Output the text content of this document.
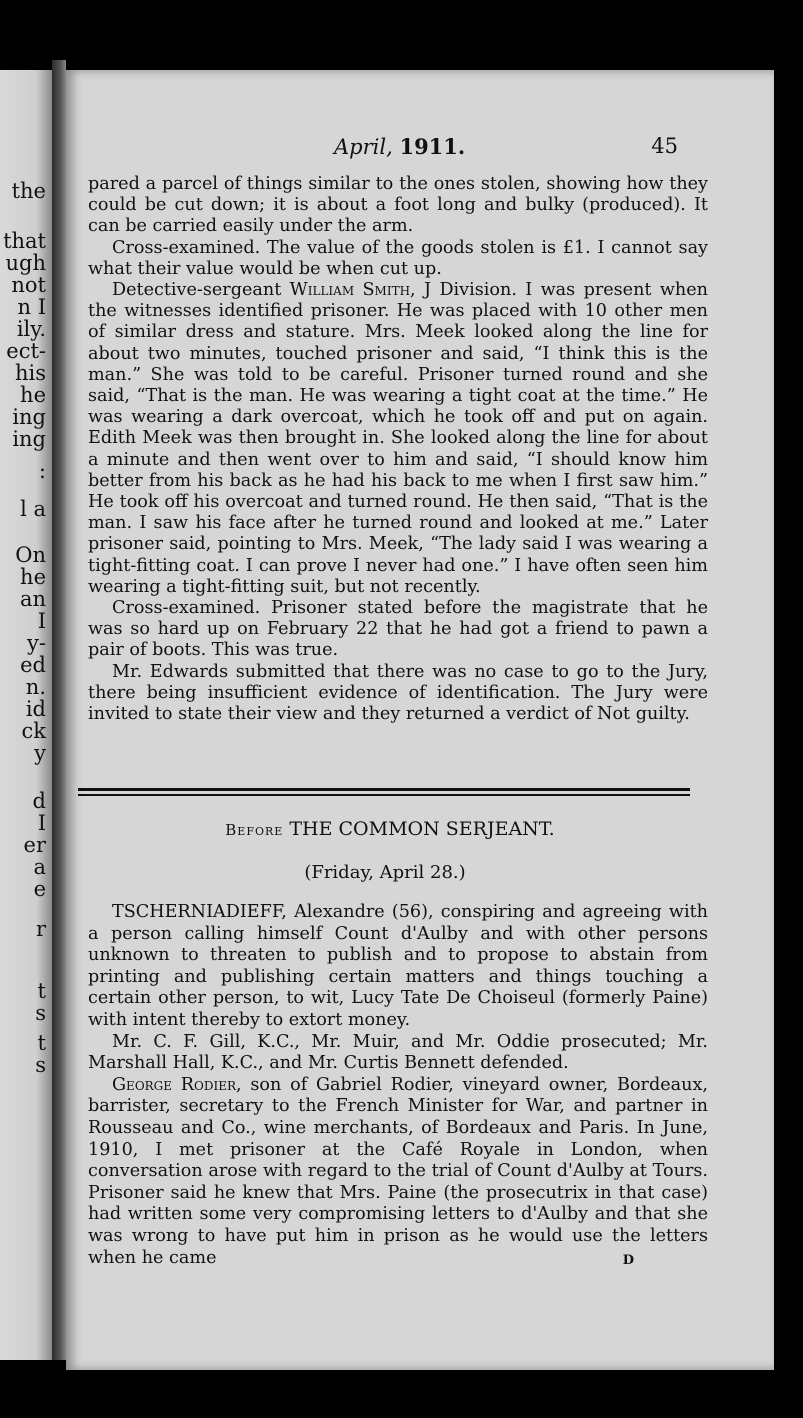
the
that
ugh
not
n I
ily.
ect-
his
he
ing
ing
:
l a
On
he
an
I
y-
ed
n.
id
ck
y
d
I
er
a
e
r
t
s
t
s
April, 1911.	45

pared a parcel of things similar to the ones stolen, showing how they could be cut down; it is about a foot long and bulky (produced). It can be carried easily under the arm.

Cross-examined. The value of the goods stolen is £1. I cannot say what their value would be when cut up.

Detective-sergeant William Smith, J Division. I was present when the witnesses identified prisoner. He was placed with 10 other men of similar dress and stature. Mrs. Meek looked along the line for about two minutes, touched prisoner and said, “I think this is the man.” She was told to be careful. Prisoner turned round and she said, “That is the man. He was wearing a tight coat at the time.” He was wearing a dark overcoat, which he took off and put on again. Edith Meek was then brought in. She looked along the line for about a minute and then went over to him and said, “I should know him better from his back as he had his back to me when I first saw him.” He took off his overcoat and turned round. He then said, “That is the man. I saw his face after he turned round and looked at me.” Later prisoner said, pointing to Mrs. Meek, “The lady said I was wearing a tight-fitting coat. I can prove I never had one.” I have often seen him wearing a tight-fitting suit, but not recently.

Cross-examined. Prisoner stated before the magistrate that he was so hard up on February 22 that he had got a friend to pawn a pair of boots. This was true.

Mr. Edwards submitted that there was no case to go to the Jury, there being insufficient evidence of identification. The Jury were invited to state their view and they returned a verdict of Not guilty.

Before THE COMMON SERJEANT.
(Friday, April 28.)

TSCHERNIADIEFF, Alexandre (56), conspiring and agreeing with a person calling himself Count d'Aulby and with other persons unknown to threaten to publish and to propose to abstain from printing and publishing certain matters and things touching a certain other person, to wit, Lucy Tate De Choiseul (formerly Paine) with intent thereby to extort money.

Mr. C. F. Gill, K.C., Mr. Muir, and Mr. Oddie prosecuted; Mr. Marshall Hall, K.C., and Mr. Curtis Bennett defended.

George Rodier, son of Gabriel Rodier, vineyard owner, Bordeaux, barrister, secretary to the French Minister for War, and partner in Rousseau and Co., wine merchants, of Bordeaux and Paris. In June, 1910, I met prisoner at the Café Royale in London, when conversation arose with regard to the trial of Count d'Aulby at Tours. Prisoner said he knew that Mrs. Paine (the prosecutrix in that case) had written some very compromising letters to d'Aulby and that she was wrong to have put him in prison as he would use the letters when he came	D
